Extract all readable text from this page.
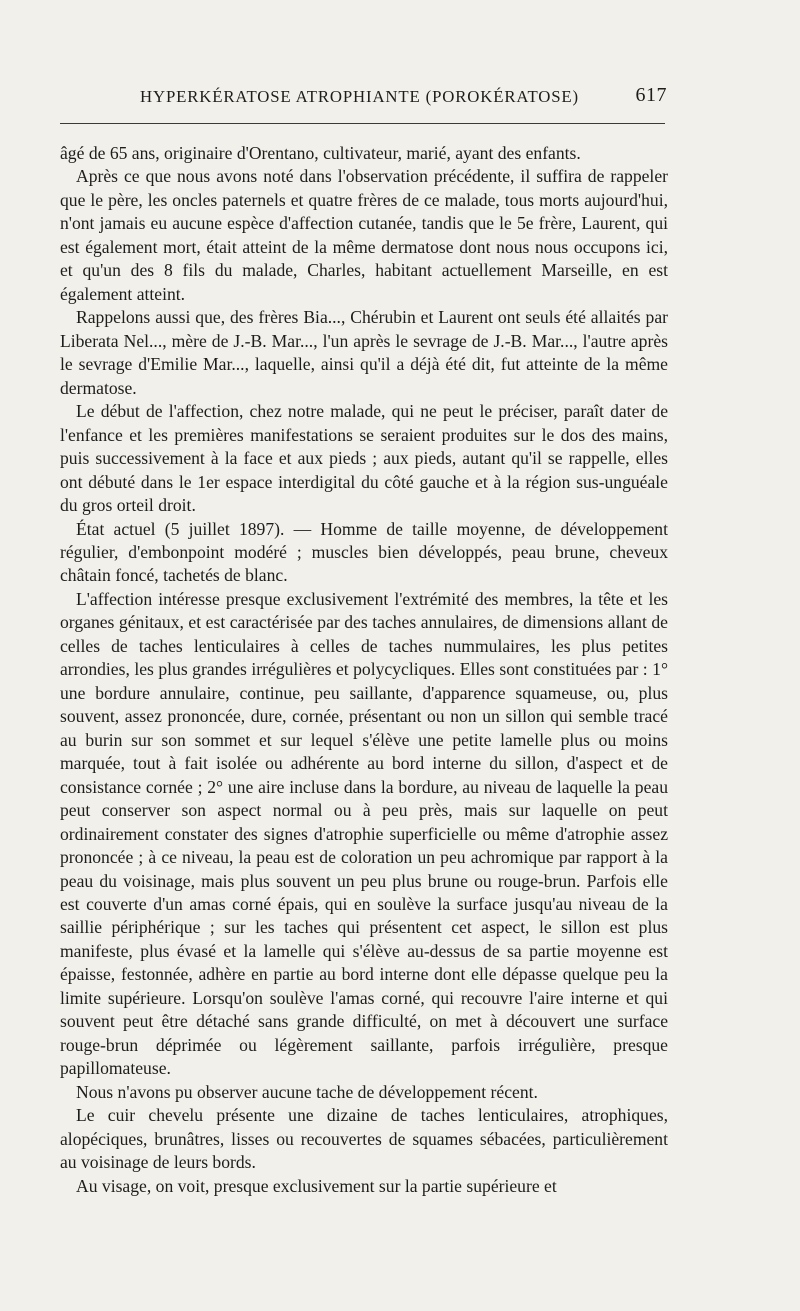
HYPERKÉRATOSE ATROPHIANTE (POROKÉRATOSE)	617

âgé de 65 ans, originaire d'Orentano, cultivateur, marié, ayant des enfants.

Après ce que nous avons noté dans l'observation précédente, il suffira de rappeler que le père, les oncles paternels et quatre frères de ce malade, tous morts aujourd'hui, n'ont jamais eu aucune espèce d'affection cutanée, tandis que le 5e frère, Laurent, qui est également mort, était atteint de la même dermatose dont nous nous occupons ici, et qu'un des 8 fils du malade, Charles, habitant actuellement Marseille, en est également atteint.

Rappelons aussi que, des frères Bia..., Chérubin et Laurent ont seuls été allaités par Liberata Nel..., mère de J.-B. Mar..., l'un après le sevrage de J.-B. Mar..., l'autre après le sevrage d'Emilie Mar..., laquelle, ainsi qu'il a déjà été dit, fut atteinte de la même dermatose.

Le début de l'affection, chez notre malade, qui ne peut le préciser, paraît dater de l'enfance et les premières manifestations se seraient produites sur le dos des mains, puis successivement à la face et aux pieds ; aux pieds, autant qu'il se rappelle, elles ont débuté dans le 1er espace interdigital du côté gauche et à la région sus-unguéale du gros orteil droit.

État actuel (5 juillet 1897). — Homme de taille moyenne, de développement régulier, d'embonpoint modéré ; muscles bien développés, peau brune, cheveux châtain foncé, tachetés de blanc.

L'affection intéresse presque exclusivement l'extrémité des membres, la tête et les organes génitaux, et est caractérisée par des taches annulaires, de dimensions allant de celles de taches lenticulaires à celles de taches nummulaires, les plus petites arrondies, les plus grandes irrégulières et polycycliques. Elles sont constituées par : 1° une bordure annulaire, continue, peu saillante, d'apparence squameuse, ou, plus souvent, assez prononcée, dure, cornée, présentant ou non un sillon qui semble tracé au burin sur son sommet et sur lequel s'élève une petite lamelle plus ou moins marquée, tout à fait isolée ou adhérente au bord interne du sillon, d'aspect et de consistance cornée ; 2° une aire incluse dans la bordure, au niveau de laquelle la peau peut conserver son aspect normal ou à peu près, mais sur laquelle on peut ordinairement constater des signes d'atrophie superficielle ou même d'atrophie assez prononcée ; à ce niveau, la peau est de coloration un peu achromique par rapport à la peau du voisinage, mais plus souvent un peu plus brune ou rouge-brun. Parfois elle est couverte d'un amas corné épais, qui en soulève la surface jusqu'au niveau de la saillie périphérique ; sur les taches qui présentent cet aspect, le sillon est plus manifeste, plus évasé et la lamelle qui s'élève au-dessus de sa partie moyenne est épaisse, festonnée, adhère en partie au bord interne dont elle dépasse quelque peu la limite supérieure. Lorsqu'on soulève l'amas corné, qui recouvre l'aire interne et qui souvent peut être détaché sans grande difficulté, on met à découvert une surface rouge-brun déprimée ou légèrement saillante, parfois irrégulière, presque papillomateuse.

Nous n'avons pu observer aucune tache de développement récent.

Le cuir chevelu présente une dizaine de taches lenticulaires, atrophiques, alopéciques, brunâtres, lisses ou recouvertes de squames sébacées, particulièrement au voisinage de leurs bords.

Au visage, on voit, presque exclusivement sur la partie supérieure et
